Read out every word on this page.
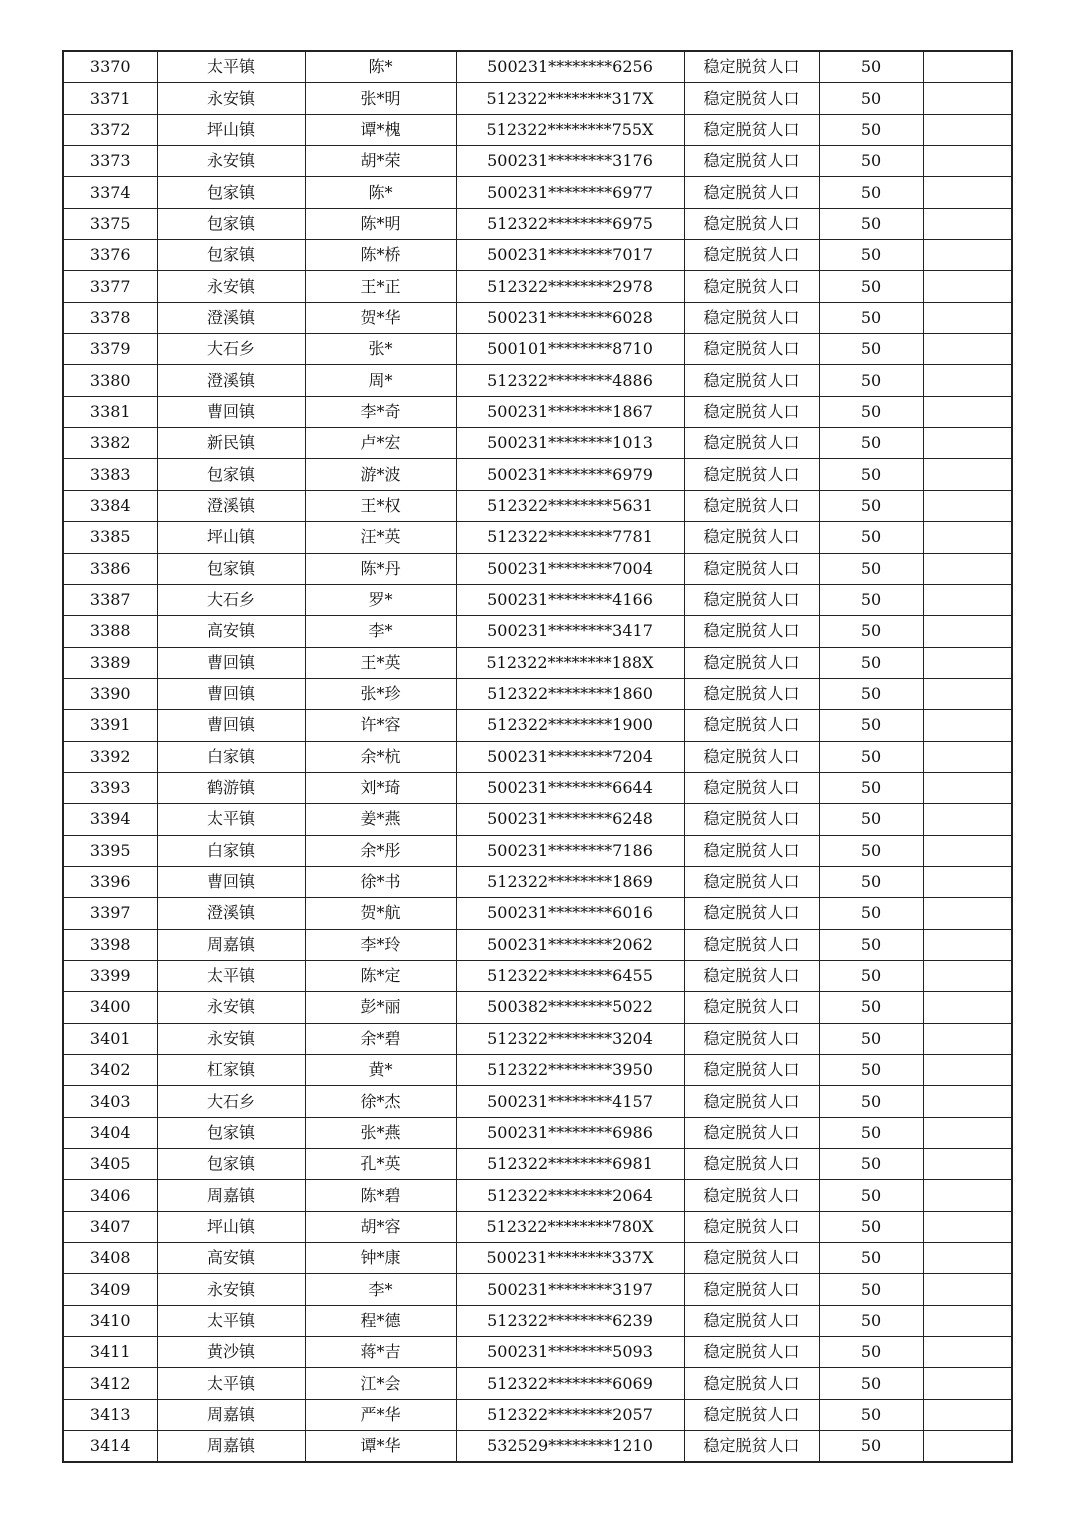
3370	太平镇	陈*	500231********6256	稳定脱贫人口	50	
3371	永安镇	张*明	512322********317X	稳定脱贫人口	50	
3372	坪山镇	谭*槐	512322********755X	稳定脱贫人口	50	
3373	永安镇	胡*荣	500231********3176	稳定脱贫人口	50	
3374	包家镇	陈*	500231********6977	稳定脱贫人口	50	
3375	包家镇	陈*明	512322********6975	稳定脱贫人口	50	
3376	包家镇	陈*桥	500231********7017	稳定脱贫人口	50	
3377	永安镇	王*正	512322********2978	稳定脱贫人口	50	
3378	澄溪镇	贺*华	500231********6028	稳定脱贫人口	50	
3379	大石乡	张*	500101********8710	稳定脱贫人口	50	
3380	澄溪镇	周*	512322********4886	稳定脱贫人口	50	
3381	曹回镇	李*奇	500231********1867	稳定脱贫人口	50	
3382	新民镇	卢*宏	500231********1013	稳定脱贫人口	50	
3383	包家镇	游*波	500231********6979	稳定脱贫人口	50	
3384	澄溪镇	王*权	512322********5631	稳定脱贫人口	50	
3385	坪山镇	汪*英	512322********7781	稳定脱贫人口	50	
3386	包家镇	陈*丹	500231********7004	稳定脱贫人口	50	
3387	大石乡	罗*	500231********4166	稳定脱贫人口	50	
3388	高安镇	李*	500231********3417	稳定脱贫人口	50	
3389	曹回镇	王*英	512322********188X	稳定脱贫人口	50	
3390	曹回镇	张*珍	512322********1860	稳定脱贫人口	50	
3391	曹回镇	许*容	512322********1900	稳定脱贫人口	50	
3392	白家镇	余*杭	500231********7204	稳定脱贫人口	50	
3393	鹤游镇	刘*琦	500231********6644	稳定脱贫人口	50	
3394	太平镇	姜*燕	500231********6248	稳定脱贫人口	50	
3395	白家镇	余*彤	500231********7186	稳定脱贫人口	50	
3396	曹回镇	徐*书	512322********1869	稳定脱贫人口	50	
3397	澄溪镇	贺*航	500231********6016	稳定脱贫人口	50	
3398	周嘉镇	李*玲	500231********2062	稳定脱贫人口	50	
3399	太平镇	陈*定	512322********6455	稳定脱贫人口	50	
3400	永安镇	彭*丽	500382********5022	稳定脱贫人口	50	
3401	永安镇	余*碧	512322********3204	稳定脱贫人口	50	
3402	杠家镇	黄*	512322********3950	稳定脱贫人口	50	
3403	大石乡	徐*杰	500231********4157	稳定脱贫人口	50	
3404	包家镇	张*燕	500231********6986	稳定脱贫人口	50	
3405	包家镇	孔*英	512322********6981	稳定脱贫人口	50	
3406	周嘉镇	陈*碧	512322********2064	稳定脱贫人口	50	
3407	坪山镇	胡*容	512322********780X	稳定脱贫人口	50	
3408	高安镇	钟*康	500231********337X	稳定脱贫人口	50	
3409	永安镇	李*	500231********3197	稳定脱贫人口	50	
3410	太平镇	程*德	512322********6239	稳定脱贫人口	50	
3411	黄沙镇	蒋*吉	500231********5093	稳定脱贫人口	50	
3412	太平镇	江*会	512322********6069	稳定脱贫人口	50	
3413	周嘉镇	严*华	512322********2057	稳定脱贫人口	50	
3414	周嘉镇	谭*华	532529********1210	稳定脱贫人口	50	
